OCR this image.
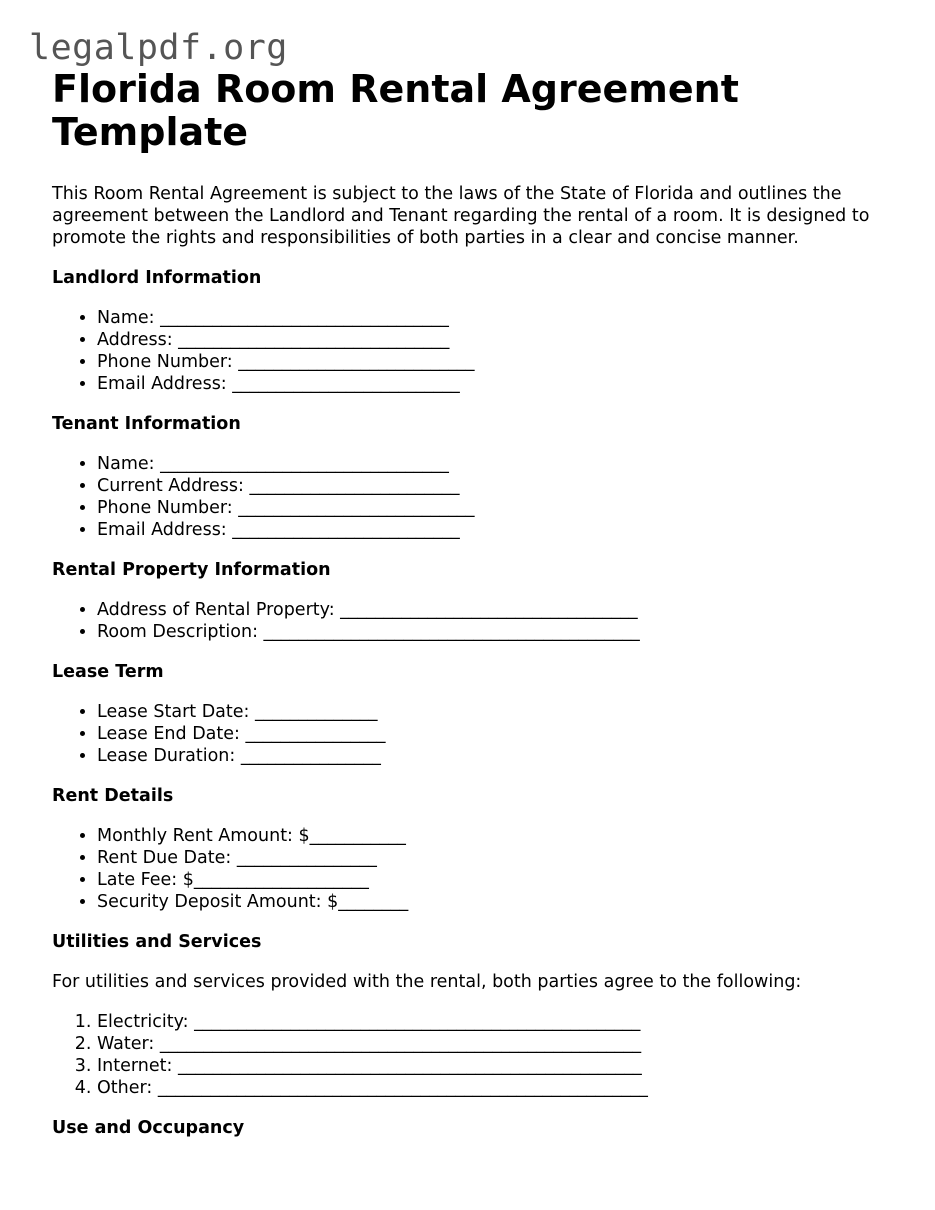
legalpdf.org
Florida Room Rental Agreement Template

This Room Rental Agreement is subject to the laws of the State of Florida and outlines the agreement between the Landlord and Tenant regarding the rental of a room. It is designed to promote the rights and responsibilities of both parties in a clear and concise manner.

Landlord Information
• Name: _________________________________
• Address: _______________________________
• Phone Number: ___________________________
• Email Address: __________________________
Tenant Information
• Name: _________________________________
• Current Address: ________________________
• Phone Number: ___________________________
• Email Address: __________________________
Rental Property Information
• Address of Rental Property: __________________________________
• Room Description: ___________________________________________
Lease Term
• Lease Start Date: ______________
• Lease End Date: ________________
• Lease Duration: ________________
Rent Details
• Monthly Rent Amount: $___________
• Rent Due Date: ________________
• Late Fee: $____________________
• Security Deposit Amount: $________
Utilities and Services

For utilities and services provided with the rental, both parties agree to the following:

1. Electricity: ___________________________________________________
2. Water: _______________________________________________________
3. Internet: _____________________________________________________
4. Other: ________________________________________________________
Use and Occupancy
